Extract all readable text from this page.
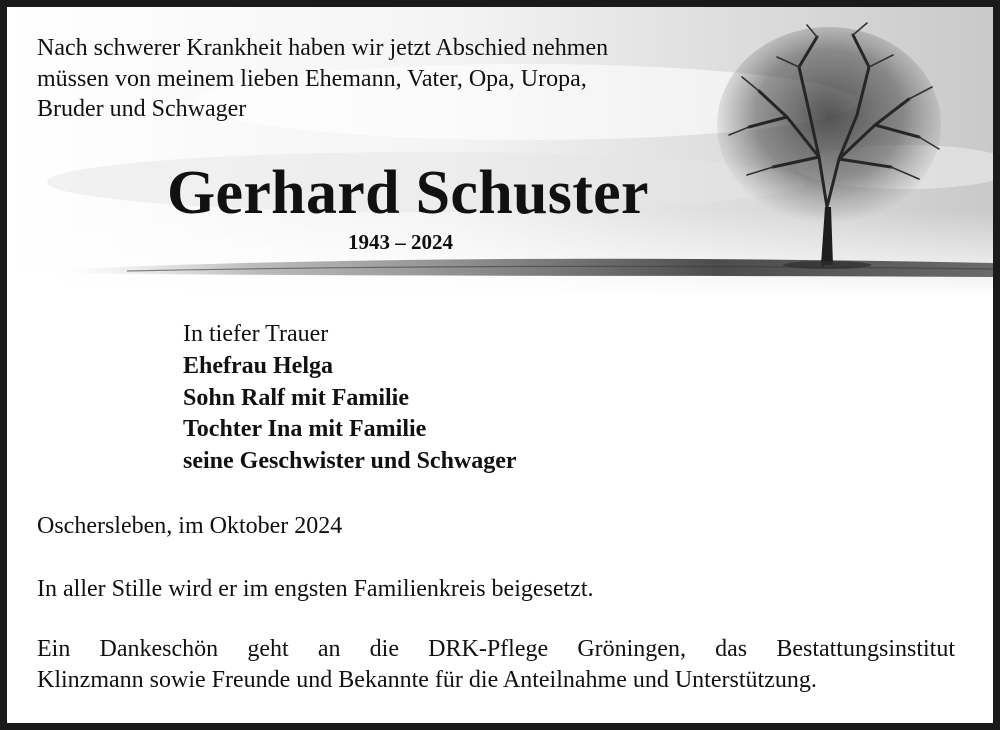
Nach schwerer Krankheit haben wir jetzt Abschied nehmen
müssen von meinem lieben Ehemann, Vater, Opa, Uropa,
Bruder und Schwager
Gerhard Schuster
1943 – 2024
In tiefer Trauer
Ehefrau Helga
Sohn Ralf mit Familie
Tochter Ina mit Familie
seine Geschwister und Schwager
Oschersleben, im Oktober 2024
In aller Stille wird er im engsten Familienkreis beigesetzt.
Ein Dankeschön geht an die DRK-Pflege Gröningen, das Bestattungsinstitut
Klinzmann sowie Freunde und Bekannte für die Anteilnahme und Unterstützung.
